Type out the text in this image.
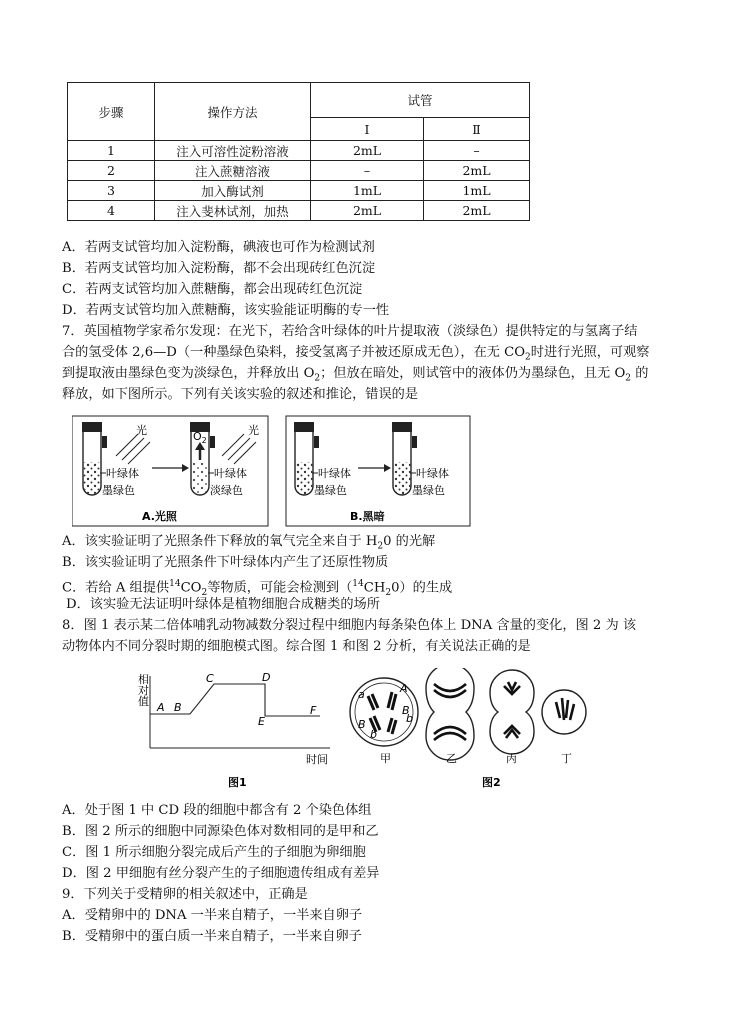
步骤	操作方法	试管	
		Ⅰ	Ⅱ
1	注入可溶性淀粉溶液	2mL	–
2	注入蔗糖溶液	–	2mL
3	加入酶试剂	1mL	1mL
4	注入斐林试剂，加热	2mL	2mL
A．若两支试管均加入淀粉酶，碘液也可作为检测试剂
B．若两支试管均加入淀粉酶，都不会出现砖红色沉淀
C．若两支试管均加入蔗糖酶，都会出现砖红色沉淀
D．若两支试管均加入蔗糖酶，该实验能证明酶的专一性
7．英国植物学家希尔发现：在光下，若给含叶绿体的叶片提取液（淡绿色）提供特定的与氢离子结
合的氢受体 2,6—D（一种墨绿色染料，接受氢离子并被还原成无色），在无 $CO_2$时进行光照，可观察
到提取液由墨绿色变为淡绿色，并释放出 $O_2$；但放在暗处，则试管中的液体仍为墨绿色，且无 $O_2$ 的
释放，如下图所示。下列有关该实验的叙述和推论，错误的是
光
叶绿体
墨绿色
$O_2$
光
叶绿体
淡绿色
叶绿体
墨绿色
叶绿体
墨绿色
A.光照	B.黑暗
A．该实验证明了光照条件下释放的氧气完全来自于 $H_20$ 的光解
B．该实验证明了光照条件下叶绿体内产生了还原性物质
C．若给 A 组提供$^{14}CO_2$等物质，可能会检测到$(^{14}CH_20)$的生成
D．该实验无法证明叶绿体是植物细胞合成糖类的场所
8．图 1 表示某二倍体哺乳动物减数分裂过程中细胞内每条染色体上 DNA 含量的变化，图 2 为 该
动物体内不同分裂时期的细胞模式图。综合图 1 和图 2 分析，有关说法正确的是
相
对
值 A B
C	D
E
F
时间
图1
a	A
B
b
B
b
甲	乙	丙	丁
图2
A．处于图 1 中 CD 段的细胞中都含有 2 个染色体组
B．图 2 所示的细胞中同源染色体对数相同的是甲和乙
C．图 1 所示细胞分裂完成后产生的子细胞为卵细胞
D．图 2 甲细胞有丝分裂产生的子细胞遗传组成有差异
9．下列关于受精卵的相关叙述中，正确是
A．受精卵中的 DNA 一半来自精子，一半来自卵子
B．受精卵中的蛋白质一半来自精子，一半来自卵子
